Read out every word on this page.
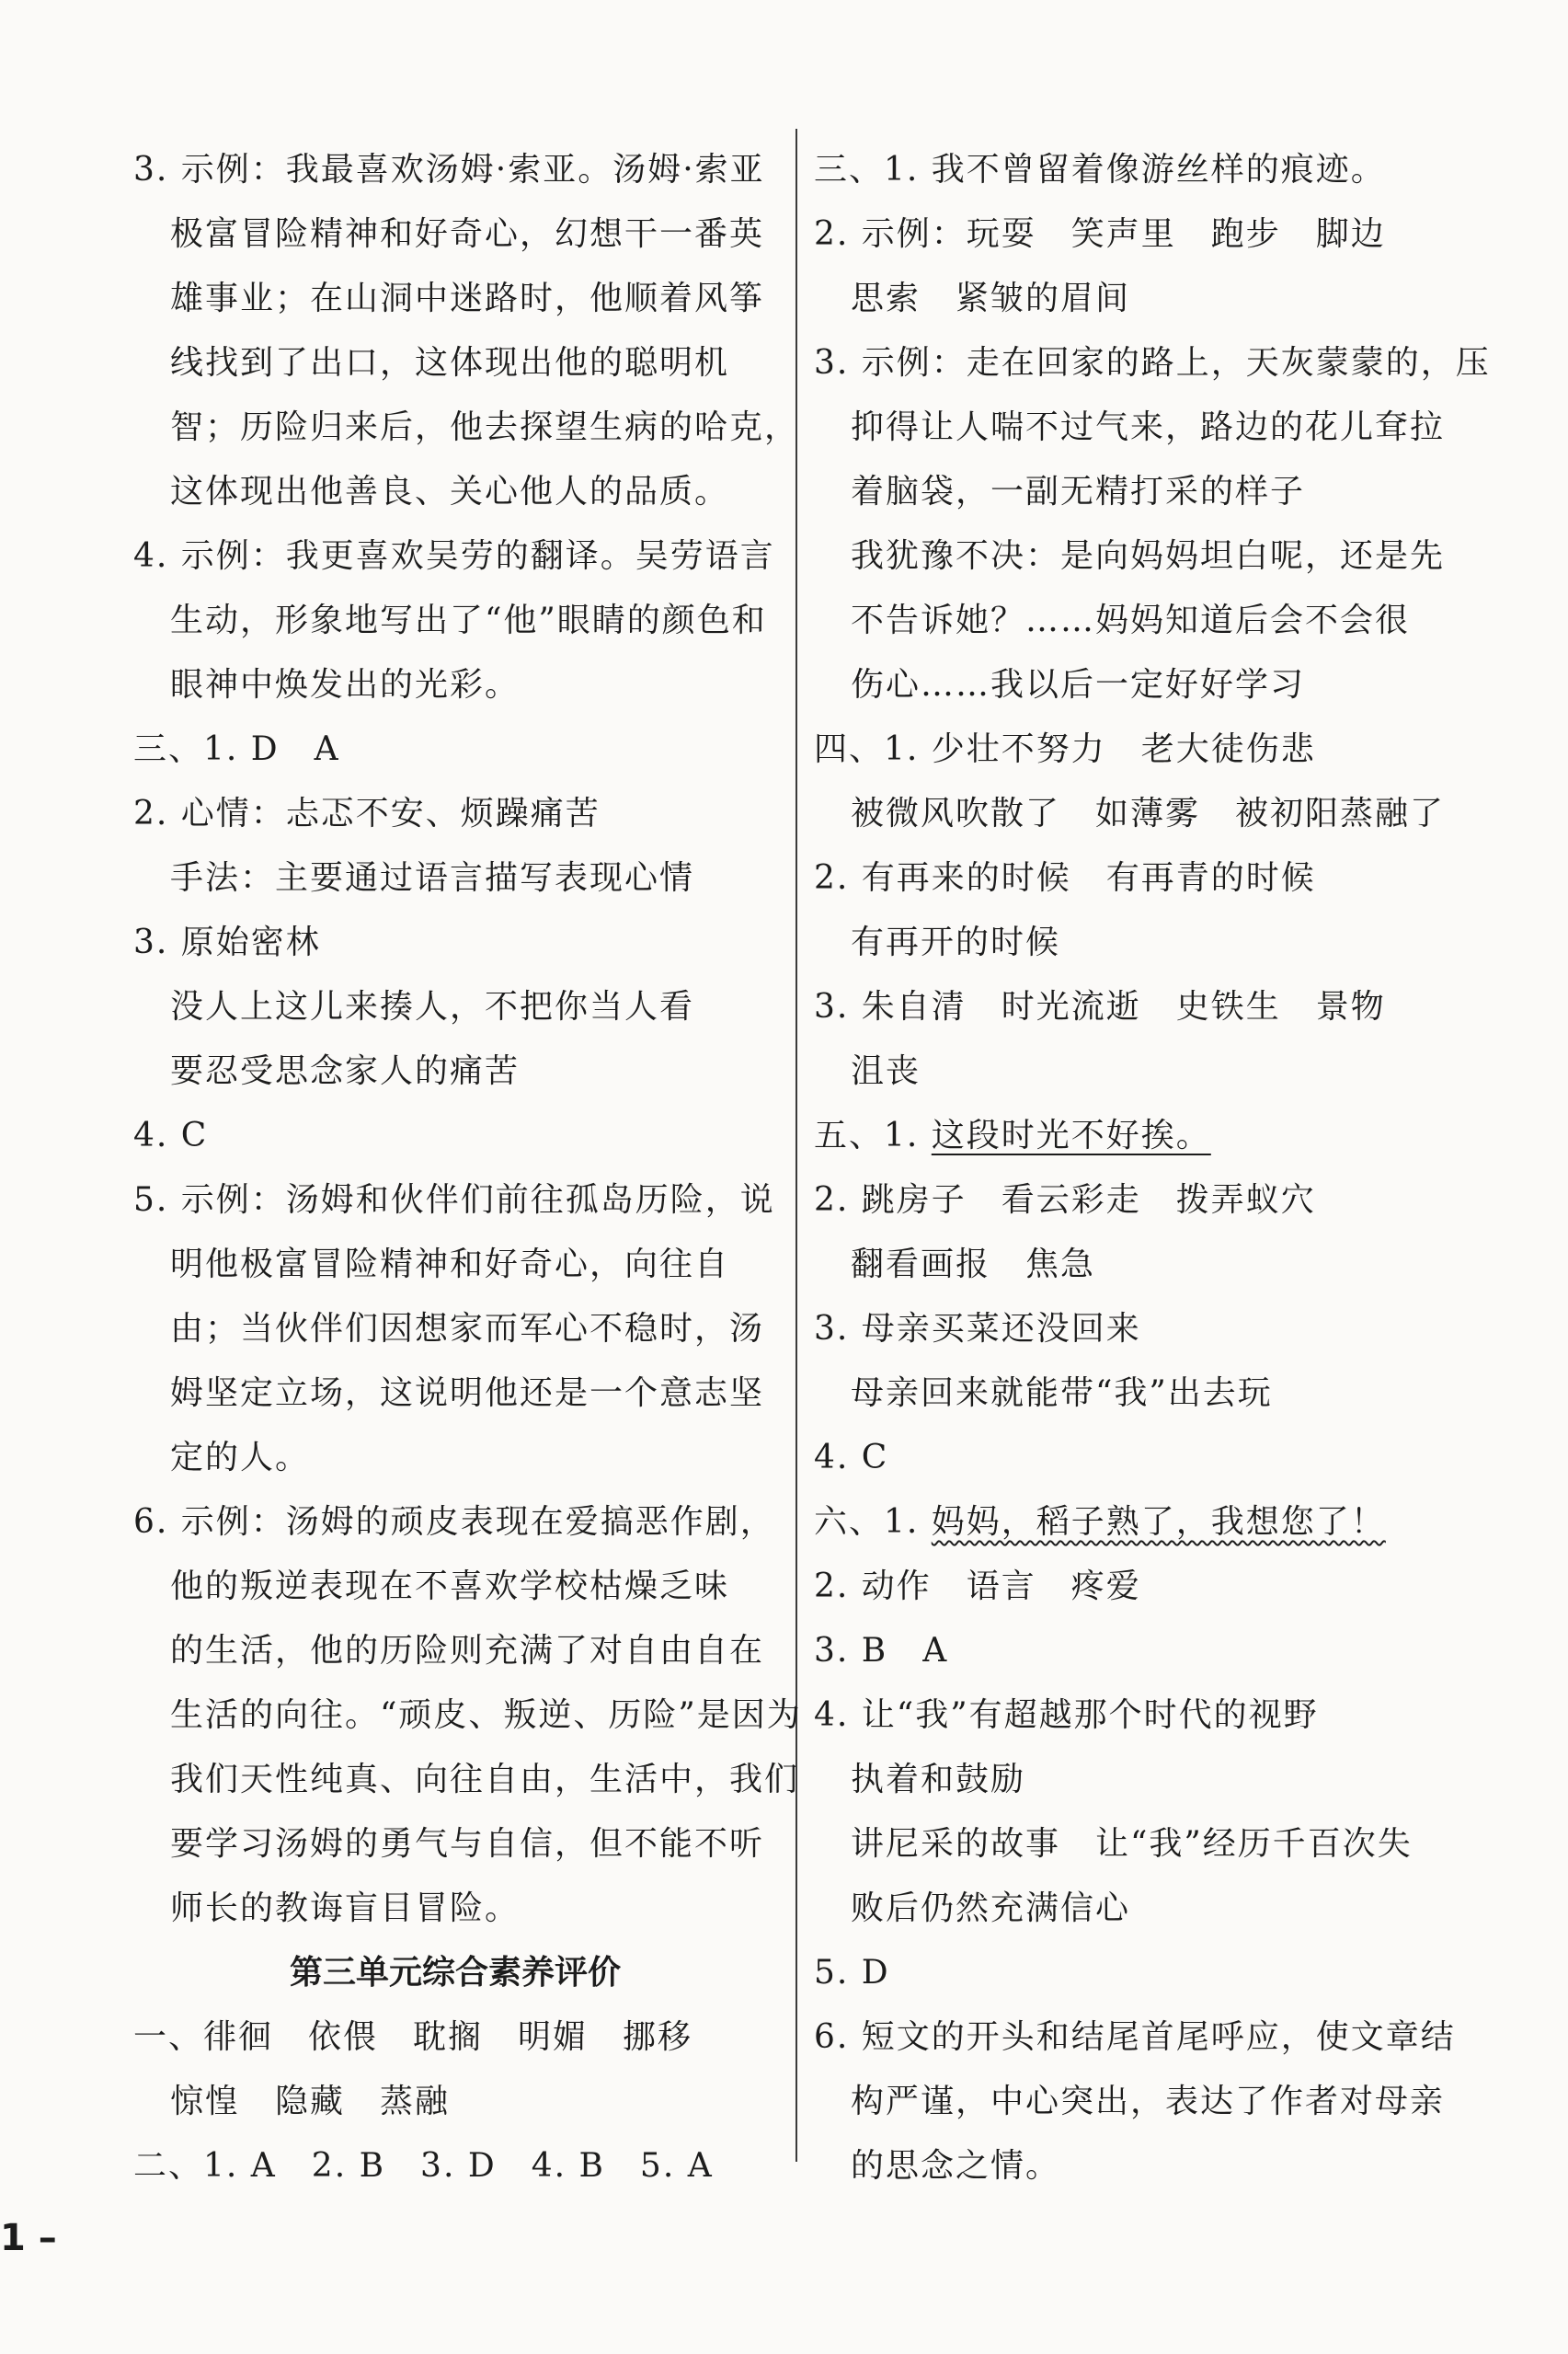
3. 示例：我最喜欢汤姆·索亚。汤姆·索亚
极富冒险精神和好奇心，幻想干一番英
雄事业；在山洞中迷路时，他顺着风筝
线找到了出口，这体现出他的聪明机
智；历险归来后，他去探望生病的哈克，
这体现出他善良、关心他人的品质。
4. 示例：我更喜欢吴劳的翻译。吴劳语言
生动，形象地写出了“他”眼睛的颜色和
眼神中焕发出的光彩。
三、1. D　A
2. 心情：忐忑不安、烦躁痛苦
手法：主要通过语言描写表现心情
3. 原始密林
没人上这儿来揍人，不把你当人看
要忍受思念家人的痛苦
4. C
5. 示例：汤姆和伙伴们前往孤岛历险，说
明他极富冒险精神和好奇心，向往自
由；当伙伴们因想家而军心不稳时，汤
姆坚定立场，这说明他还是一个意志坚
定的人。
6. 示例：汤姆的顽皮表现在爱搞恶作剧，
他的叛逆表现在不喜欢学校枯燥乏味
的生活，他的历险则充满了对自由自在
生活的向往。“顽皮、叛逆、历险”是因为
我们天性纯真、向往自由，生活中，我们
要学习汤姆的勇气与自信，但不能不听
师长的教诲盲目冒险。
第三单元综合素养评价
一、徘徊　依偎　耽搁　明媚　挪移
惊惶　隐藏　蒸融
二、1. A　2. B　3. D　4. B　5. A
三、1. 我不曾留着像游丝样的痕迹。
2. 示例：玩耍　笑声里　跑步　脚边
思索　紧皱的眉间
3. 示例：走在回家的路上，天灰蒙蒙的，压
抑得让人喘不过气来，路边的花儿耷拉
着脑袋，一副无精打采的样子
我犹豫不决：是向妈妈坦白呢，还是先
不告诉她？……妈妈知道后会不会很
伤心……我以后一定好好学习
四、1. 少壮不努力　老大徒伤悲
被微风吹散了　如薄雾　被初阳蒸融了
2. 有再来的时候　有再青的时候
有再开的时候
3. 朱自清　时光流逝　史铁生　景物
沮丧
五、1. 这段时光不好挨。
2. 跳房子　看云彩走　拨弄蚁穴
翻看画报　焦急
3. 母亲买菜还没回来
母亲回来就能带“我”出去玩
4. C
六、1. 妈妈，稻子熟了，我想您了！
2. 动作　语言　疼爱
3. B　A
4. 让“我”有超越那个时代的视野
执着和鼓励
讲尼采的故事　让“我”经历千百次失
败后仍然充满信心
5. D
6. 短文的开头和结尾首尾呼应，使文章结
构严谨，中心突出，表达了作者对母亲
的思念之情。
1 –
